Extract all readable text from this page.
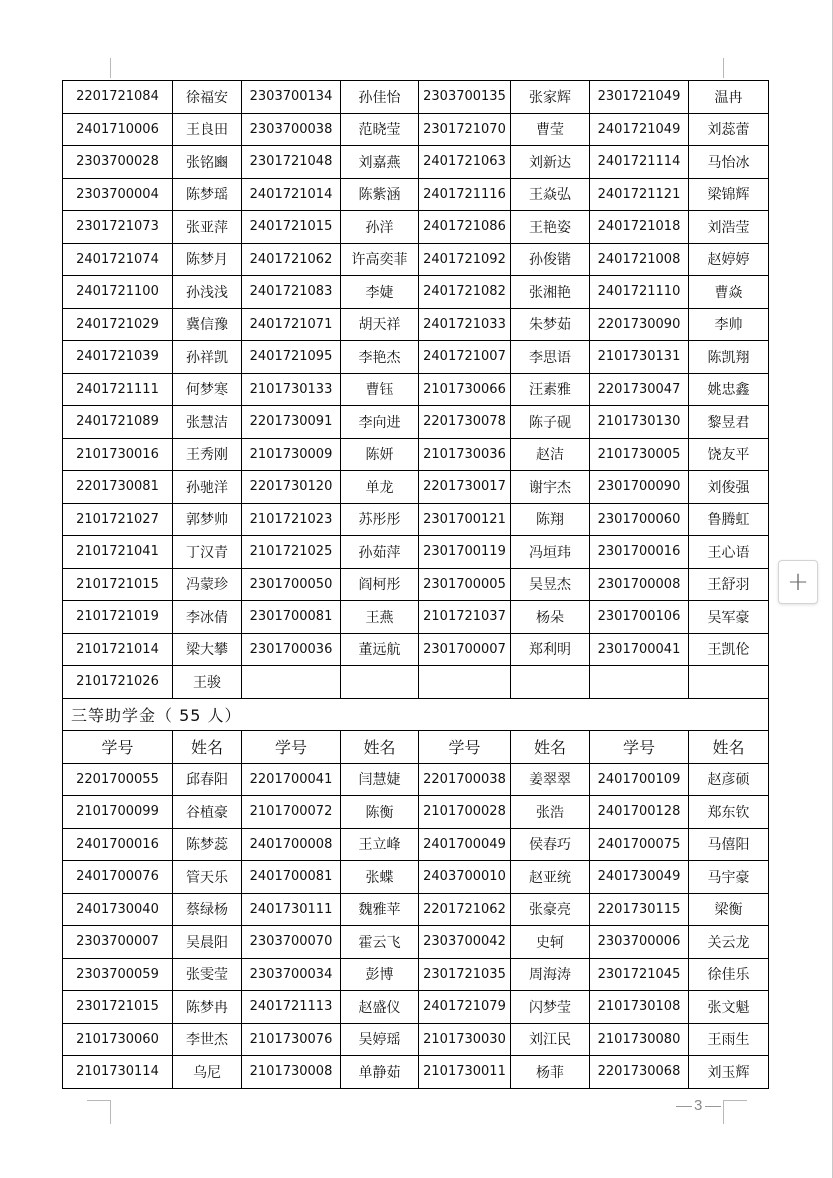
2201721084	徐福安	2303700134	孙佳怡	2303700135	张家辉	2301721049	温冉
2401710006	王良田	2303700038	范晓莹	2301721070	曹莹	2401721049	刘蕊蕾
2303700028	张铭豳	2301721048	刘嘉燕	2401721063	刘新达	2401721114	马怡冰
2303700004	陈梦瑶	2401721014	陈紫涵	2401721116	王焱弘	2401721121	梁锦辉
2301721073	张亚萍	2401721015	孙洋	2401721086	王艳姿	2401721018	刘浩莹
2401721074	陈梦月	2401721062	许高奕菲	2401721092	孙俊锴	2401721008	赵婷婷
2401721100	孙浅浅	2401721083	李婕	2401721082	张湘艳	2401721110	曹焱
2401721029	冀信豫	2401721071	胡天祥	2401721033	朱梦茹	2201730090	李帅
2401721039	孙祥凯	2401721095	李艳杰	2401721007	李思语	2101730131	陈凯翔
2401721111	何梦寒	2101730133	曹钰	2101730066	汪素雅	2201730047	姚忠鑫
2401721089	张慧洁	2201730091	李向进	2201730078	陈子砚	2101730130	黎昱君
2101730016	王秀刚	2101730009	陈妍	2101730036	赵洁	2101730005	饶友平
2201730081	孙驰洋	2201730120	单龙	2201730017	谢宇杰	2301700090	刘俊强
2101721027	郭梦帅	2101721023	苏彤彤	2301700121	陈翔	2301700060	鲁腾虹
2101721041	丁汉青	2101721025	孙茹萍	2301700119	冯垣玮	2301700016	王心语
2101721015	冯蒙珍	2301700050	阎柯彤	2301700005	吴昱杰	2301700008	王舒羽
2101721019	李冰倩	2301700081	王燕	2101721037	杨朵	2301700106	吴军豪
2101721014	梁大攀	2301700036	董远航	2301700007	郑利明	2301700041	王凯伦
2101721026	王骏						
三等助学金（ 55 人）							
学号	姓名	学号	姓名	学号	姓名	学号	姓名
2201700055	邱春阳	2201700041	闫慧婕	2201700038	姜翠翠	2401700109	赵彦硕
2101700099	谷植豪	2101700072	陈衡	2101700028	张浩	2401700128	郑东钦
2401700016	陈梦蕊	2401700008	王立峰	2401700049	侯春巧	2401700075	马僖阳
2401700076	管天乐	2401700081	张蝶	2403700010	赵亚统	2401730049	马宇豪
2401730040	蔡绿杨	2401730111	魏雅苹	2201721062	张豪亮	2201730115	梁衡
2303700007	吴晨阳	2303700070	霍云飞	2303700042	史轲	2303700006	关云龙
2303700059	张雯莹	2303700034	彭博	2301721035	周海涛	2301721045	徐佳乐
2301721015	陈梦冉	2401721113	赵盛仪	2401721079	闪梦莹	2101730108	张文魁
2101730060	李世杰	2101730076	吴婷瑶	2101730030	刘江民	2101730080	王雨生
2101730114	乌尼	2101730008	单静茹	2101730011	杨菲	2201730068	刘玉辉
3
+
